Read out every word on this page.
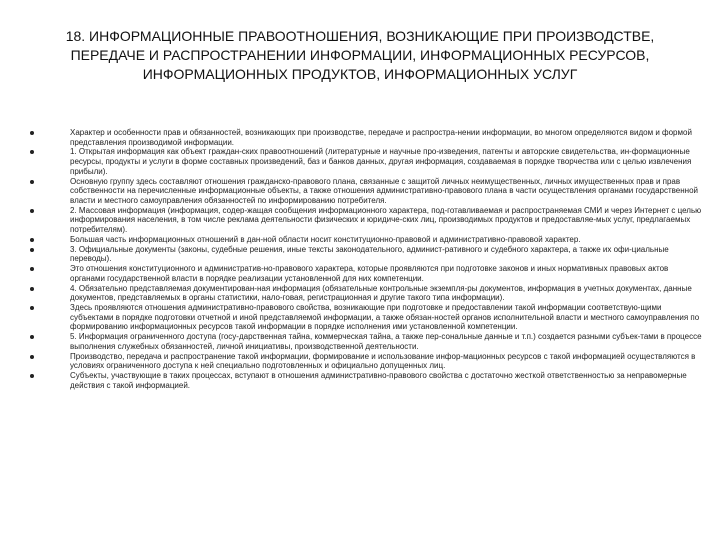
18. ИНФОРМАЦИОННЫЕ ПРАВООТНОШЕНИЯ, ВОЗНИКАЮЩИЕ ПРИ ПРОИЗВОДСТВЕ, ПЕРЕДАЧЕ И РАСПРОСТРАНЕНИИ ИНФОРМАЦИИ, ИНФОРМАЦИОННЫХ РЕСУРСОВ, ИНФОРМАЦИОННЫХ ПРОДУКТОВ, ИНФОРМАЦИОННЫХ УСЛУГ
Характер и особенности прав и обязанностей, возникающих при производстве, передаче и распростра-нении информации, во многом определяются видом и формой представления производимой информации.
1. Открытая информация как объект граждан-ских правоотношений (литературные и научные про-изведения, патенты и авторские свидетельства, ин-формационные ресурсы, продукты и услуги в форме составных произведений, баз и банков данных, другая информация, создаваемая в порядке творчества или с целью извлечения прибыли).
Основную группу здесь составляют отношения гражданско-правового плана, связанные с защитой личных неимущественных, личных имущественных прав и прав собственности на перечисленные информационные объекты, а также отношения административно-правового плана в части осуществления органами государственной власти и местного самоуправления обязанностей по информированию потребителя.
2. Массовая информация (информация, содер-жащая сообщения информационного характера, под-готавливаемая и распространяемая СМИ и через Интернет с целью информирования населения, в том числе реклама деятельности физических и юридиче-ских лиц, производимых продуктов и предоставляе-мых услуг, предлагаемых потребителям).
Большая часть информационных отношений в дан-ной области носит конституционно-правовой и административно-правовой характер.
3. Официальные документы (законы, судебные решения, иные тексты законодательного, админист-ративного и судебного характера, а также их офи-циальные переводы).
Это отношения конституционного и административ-но-правового характера, которые проявляются при подготовке законов и иных нормативных правовых актов органами государственной власти в порядке реализации установленной для них компетенции.
4. Обязательно представляемая документирован-ная информация (обязательные контрольные экземпля-ры документов, информация в учетных документах, данные документов, представляемых в органы статистики, нало-говая, регистрационная и другие такого типа информации).
Здесь проявляются отношения административно-правового свойства, возникающие при подготовке и предоставлении такой информации соответствую-щими субъектами в порядке подготовки отчетной и иной представляемой информации, а также обязан-ностей органов исполнительной власти и местного самоуправления по формированию информационных ресурсов такой информации в порядке исполнения ими установленной компетенции.
5. Информация ограниченного доступа (госу-дарственная тайна, коммерческая тайна, а также пер-сональные данные и т.п.) создается разными субъек-тами в процессе выполнения служебных обязанностей, личной инициативы, производственной деятельности.
Производство, передача и распространение такой информации, формирование и использование инфор-мационных ресурсов с такой информацией осуществляются в условиях ограниченного доступа к ней специально подготовленных и официально допущенных лиц.
Субъекты, участвующие в таких процессах, вступают в отношения административно-правового свойства с достаточно жесткой ответственностью за неправомерные действия с такой информацией.
